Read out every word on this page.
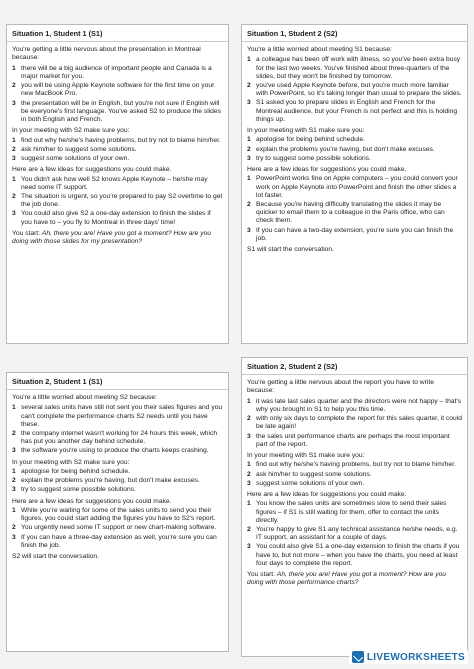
Situation 1, Student 1 (S1)

You're getting a little nervous about the presentation in Montreal because:

1 there will be a big audience of important people and Canada is a major market for you.
2 you will be using Apple Keynote software for the first time on your new MacBook Pro.
3 the presentation will be in English, but you're not sure if English will be everyone's first language. You've asked S2 to produce the slides in both English and French.
In your meeting with S2 make sure you:
1 find out why he/she's having problems, but try not to blame him/her.
2 ask him/her to suggest some solutions.
3 suggest some solutions of your own.
Here are a few ideas for suggestions you could make.
1 You didn't ask how well S2 knows Apple Keynote – he/she may need some IT support.
2 The situation is urgent, so you're prepared to pay S2 overtime to get the job done.
3 You could also give S2 a one-day extension to finish the slides if you have to – you fly to Montreal in three days' time!
You start: Ah, there you are! Have you got a moment? How are you doing with those slides for my presentation?
Situation 1, Student 2 (S2)

You're a little worried about meeting S1 because:

1 a colleague has been off work with illness, so you've been extra busy for the last two weeks. You've finished about three-quarters of the slides, but they won't be finished by tomorrow.
2 you've used Apple Keynote before, but you're much more familiar with PowerPoint, so it's taking longer than usual to prepare the slides.
3 S1 asked you to prepare slides in English and French for the Montreal audience, but your French is not perfect and this is holding things up.
In your meeting with S1 make sure you:
1 apologise for being behind schedule.
2 explain the problems you're having, but don't make excuses.
3 try to suggest some possible solutions.
Here are a few ideas for suggestions you could make.
1 PowerPoint works fine on Apple computers – you could convert your work on Apple Keynote into PowerPoint and finish the other slides a lot faster.
2 Because you're having difficulty translating the slides it may be quicker to email them to a colleague in the Paris office, who can check them.
3 If you can have a two-day extension, you're sure you can finish the job.
S1 will start the conversation.
Situation 2, Student 1 (S1)

You're a little worried about meeting S2 because:

1 several sales units have still not sent you their sales figures and you can't complete the performance charts S2 needs until you have these.
2 the company internet wasn't working for 24 hours this week, which has put you another day behind schedule.
3 the software you're using to produce the charts keeps crashing.
In your meeting with S2 make sure you:
1 apologise for being behind schedule.
2 explain the problems you're having, but don't make excuses.
3 try to suggest some possible solutions.
Here are a few ideas for suggestions you could make.
1 While you're waiting for some of the sales units to send you their figures, you could start adding the figures you have to S2's report.
2 You urgently need some IT support or new chart-making software.
3 If you can have a three-day extension as well, you're sure you can finish the job.
S2 will start the conversation.
Situation 2, Student 2 (S2)

You're getting a little nervous about the report you have to write because:

1 it was late last sales quarter and the directors were not happy – that's why you brought in S1 to help you this time.
2 with only six days to complete the report for this sales quarter, it could be late again!
3 the sales unit performance charts are perhaps the most important part of the report.
In your meeting with S1 make sure you:
1 find out why he/she's having problems, but try not to blame him/her.
2 ask him/her to suggest some solutions.
3 suggest some solutions of your own.
Here are a few ideas for suggestions you could make.
1 You know the sales units are sometimes slow to send their sales figures – if S1 is still waiting for them, offer to contact the units directly.
2 You're happy to give S1 any technical assistance he/she needs, e.g. IT support, an assistant for a couple of days.
3 You could also give S1 a one-day extension to finish the charts if you have to, but not more – when you have the charts, you need at least four days to complete the report.
You start: Ah, there you are! Have you got a moment? How are you doing with those performance charts?
LIVEWORKSHEETS
